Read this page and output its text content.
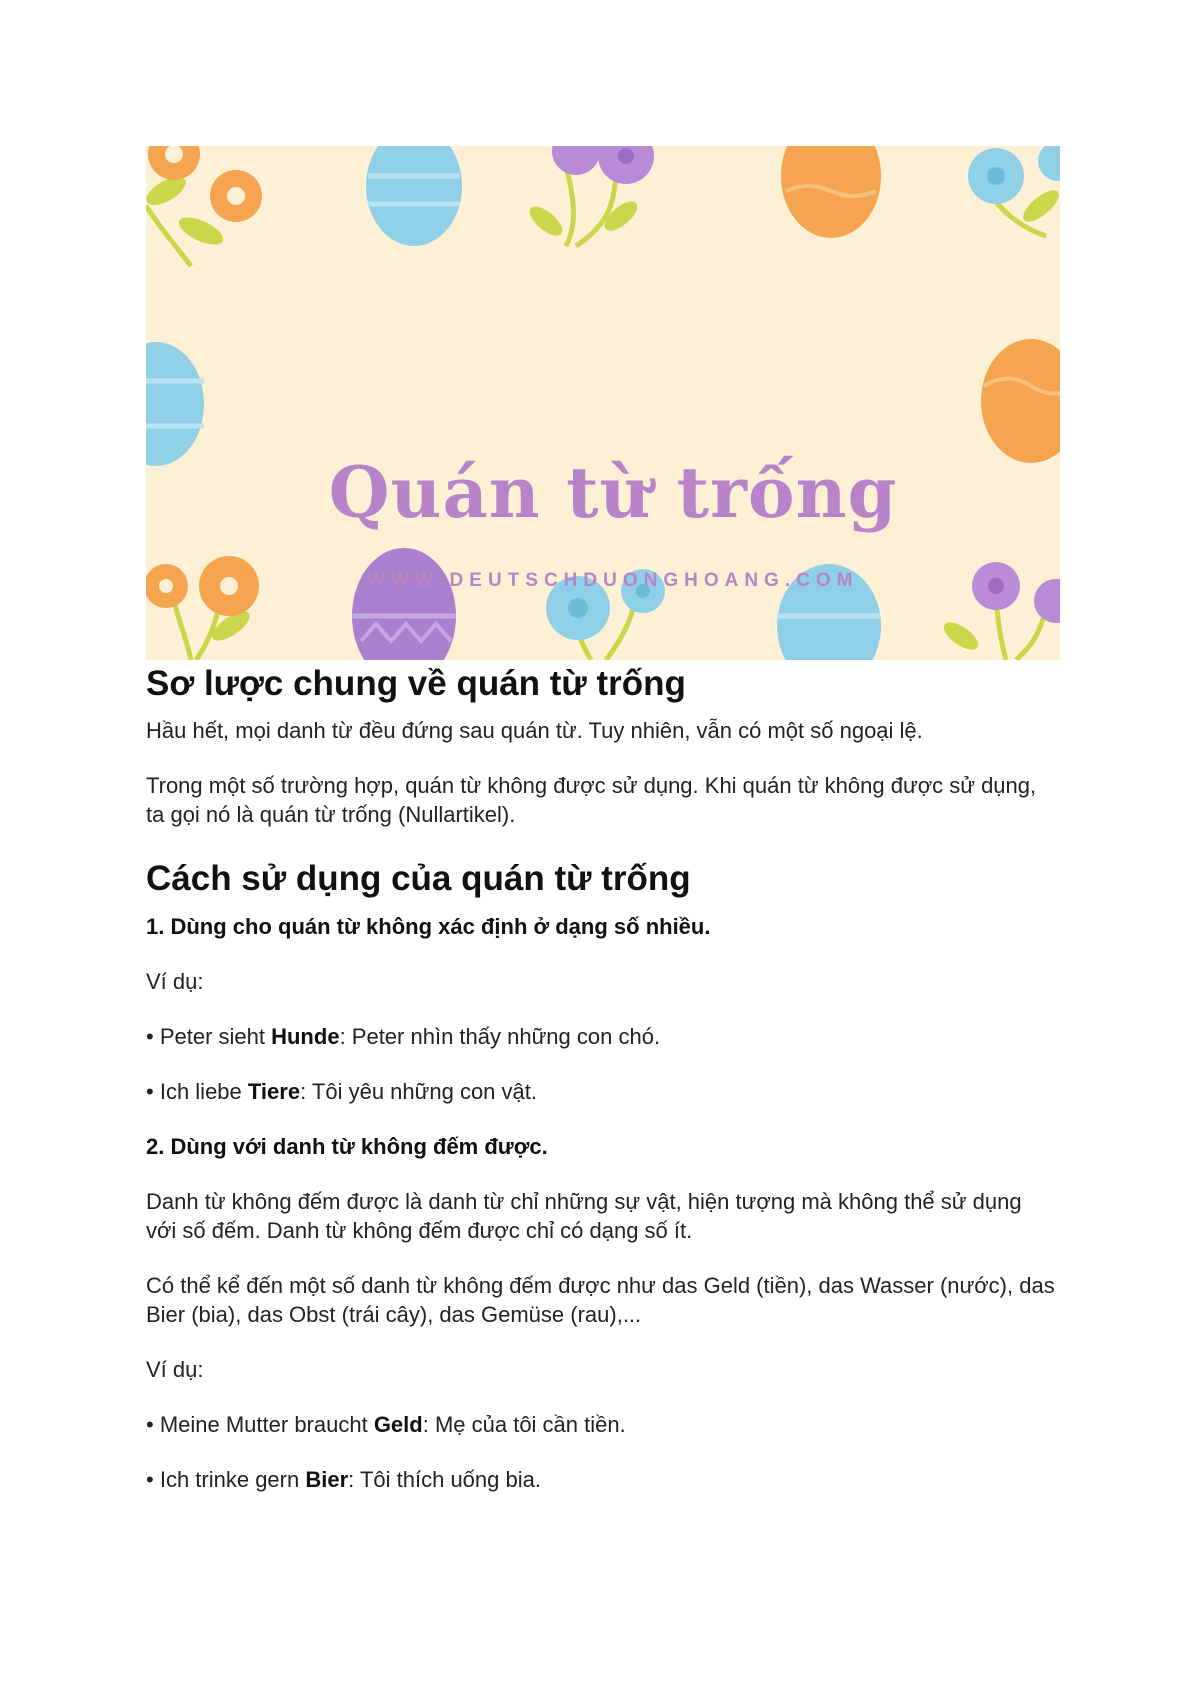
Quán từ trống
WWW.DEUTSCHDUONGHOANG.COM
Sơ lược chung về quán từ trống

Hầu hết, mọi danh từ đều đứng sau quán từ. Tuy nhiên, vẫn có một số ngoại lệ.

Trong một số trường hợp, quán từ không được sử dụng. Khi quán từ không được sử dụng, ta gọi nó là quán từ trống (Nullartikel).

Cách sử dụng của quán từ trống

1. Dùng cho quán từ không xác định ở dạng số nhiều.

Ví dụ:

• Peter sieht Hunde: Peter nhìn thấy những con chó.

• Ich liebe Tiere: Tôi yêu những con vật.

2. Dùng với danh từ không đếm được.

Danh từ không đếm được là danh từ chỉ những sự vật, hiện tượng mà không thể sử dụng với số đếm. Danh từ không đếm được chỉ có dạng số ít.

Có thể kể đến một số danh từ không đếm được như das Geld (tiền), das Wasser (nước), das Bier (bia), das Obst (trái cây), das Gemüse (rau),...

Ví dụ:

• Meine Mutter braucht Geld: Mẹ của tôi cần tiền.

• Ich trinke gern Bier: Tôi thích uống bia.
